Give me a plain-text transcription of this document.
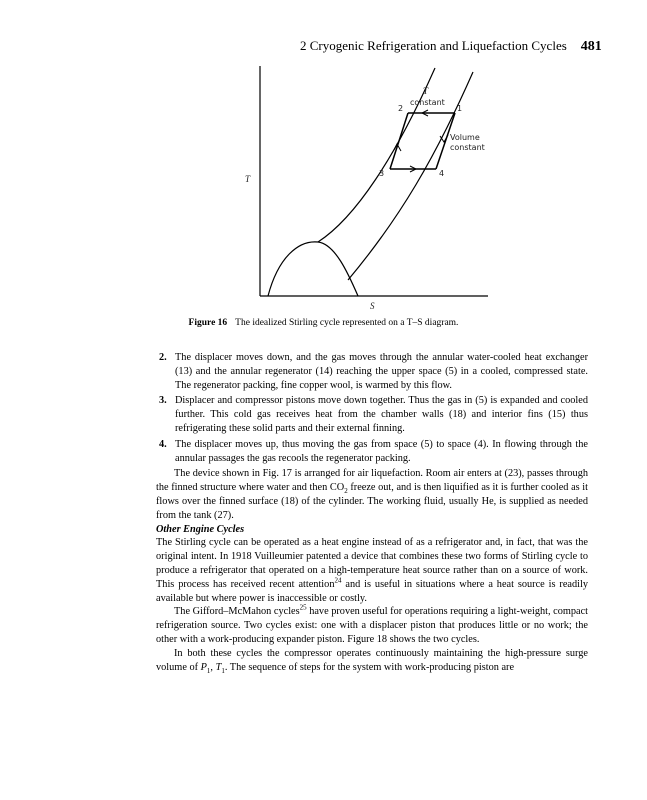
2 Cryogenic Refrigeration and Liquefaction Cycles 481
T
constant
Volume
constant
2	1
3	4
T
S
Figure 16 The idealized Stirling cycle represented on a T–S diagram.
2. The displacer moves down, and the gas moves through the annular water-cooled heat exchanger (13) and the annular regenerator (14) reaching the upper space (5) in a cooled, compressed state. The regenerator packing, fine copper wool, is warmed by this flow.
3. Displacer and compressor pistons move down together. Thus the gas in (5) is expanded and cooled further. This cold gas receives heat from the chamber walls (18) and interior fins (15) thus refrigerating these solid parts and their external finning.
4. The displacer moves up, thus moving the gas from space (5) to space (4). In flowing through the annular passages the gas recools the regenerator packing.

The device shown in Fig. 17 is arranged for air liquefaction. Room air enters at (23), passes through the finned structure where water and then $CO_2$ freeze out, and is then liquified as it is further cooled as it flows over the finned surface (18) of the cylinder. The working fluid, usually He, is supplied as needed from the tank (27).

Other Engine Cycles

The Stirling cycle can be operated as a heat engine instead of as a refrigerator and, in fact, that was the original intent. In 1918 Vuilleumier patented a device that combines these two forms of Stirling cycle to produce a refrigerator that operated on a high-temperature heat source rather than on a source of work. This process has received recent attention$^{24}$ and is useful in situations where a heat source is readily available but where power is inaccessible or costly.

The Gifford–McMahon cycles$^{25}$ have proven useful for operations requiring a light-weight, compact refrigeration source. Two cycles exist: one with a displacer piston that produces little or no work; the other with a work-producing expander piston. Figure 18 shows the two cycles.

In both these cycles the compressor operates continuously maintaining the high-pressure surge volume of $P_1$, $T_1$. The sequence of steps for the system with work-producing piston are
